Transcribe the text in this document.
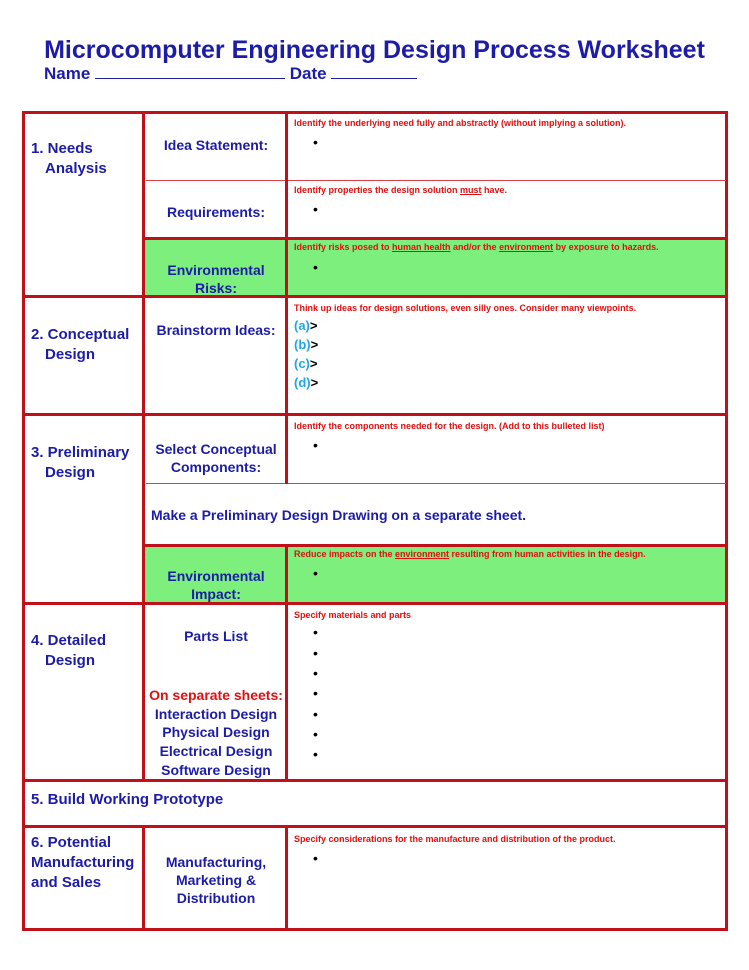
Microcomputer Engineering Design Process Worksheet
Name	Date
1. Needs
Analysis
Idea Statement:
Identify the underlying need fully and abstractly (without implying a solution).
•
Requirements:
Identify properties the design solution must have.
•
Environmental Risks:
Identify risks posed to human health and/or the environment by exposure to hazards.
•
2. Conceptual
Design
Brainstorm Ideas:
Think up ideas for design solutions, even silly ones. Consider many viewpoints.
(a)>
(b)>
(c)>
(d)>
3. Preliminary
Design
Select Conceptual
Components:
Identify the components needed for the design. (Add to this bulleted list)
•
Make a Preliminary Design Drawing on a separate sheet.
Environmental Impact:
Reduce impacts on the environment resulting from human activities in the design.
•
4. Detailed
Design
Parts List
Specify materials and parts
•
•
•
•
•
•
•
On separate sheets:
Interaction Design
Physical Design
Electrical Design
Software Design
5. Build Working Prototype
6. Potential
Manufacturing
and Sales
Manufacturing,
Marketing &
Distribution
Specify considerations for the manufacture and distribution of the product.
•
